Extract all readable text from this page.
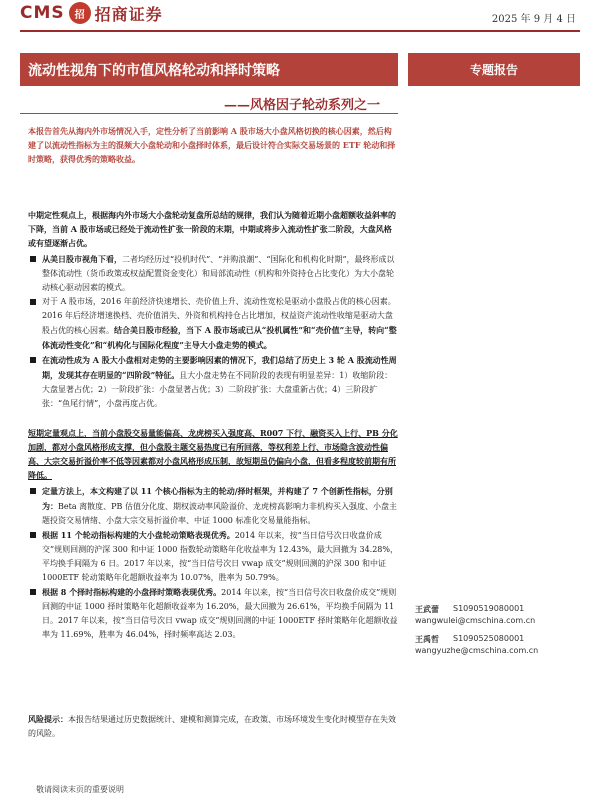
CMS	招 招商证券	2025 年 9 月 4 日
流动性视角下的市值风格轮动和择时策略	专题报告
——风格因子轮动系列之一
本报告首先从海内外市场情况入手，定性分析了当前影响 A 股市场大小盘风格切换的核心因素，然后构建了以流动性指标为主的混频大小盘轮动和小盘择时体系，最后设计符合实际交易场景的 ETF 轮动和择时策略，获得优秀的策略收益。
中期定性观点上，根据海内外市场大小盘轮动复盘所总结的规律，我们认为随着近期小盘超额收益斜率的下降，当前 A 股市场或已经处于流动性扩张一阶段的末期，中期或将步入流动性扩张二阶段，大盘风格或有望逐渐占优。
从美日股市视角下看，二者均经历过“投机时代”、“并购浪潮”、“国际化和机构化时期”，最终形成以整体流动性（货币政策或权益配置资金变化）和局部流动性（机构和外资持仓占比变化）为大小盘轮动核心驱动因素的模式。
对于 A 股市场，2016 年前经济快速增长、壳价值上升、流动性宽松是驱动小盘股占优的核心因素。2016 年后经济增速换档、壳价值消失、外资和机构持仓占比增加，权益资产流动性收缩是驱动大盘股占优的核心因素。结合美日股市经验，当下 A 股市场或已从“投机属性”和“壳价值”主导，转向“整体流动性变化”和“机构化与国际化程度”主导大小盘走势的模式。
在流动性成为 A 股大小盘相对走势的主要影响因素的情况下，我们总结了历史上 3 轮 A 股流动性周期，发现其存在明显的“四阶段”特征。且大小盘走势在不同阶段的表现有明显差异：1）收缩阶段：大盘显著占优；2）一阶段扩张：小盘显著占优；3）二阶段扩张：大盘重新占优；4）三阶段扩张：“鱼尾行情”，小盘再度占优。
短期定量观点上，当前小盘股交易量能偏高、龙虎榜买入强度高、R007 下行、融资买入上行、PB 分化加剧，都对小盘风格形成支撑，但小盘股主题交易热度已有所回落，等权利差上行、市场隐含波动性偏高、大宗交易折溢价率不低等因素都对小盘风格形成压制，故短期虽仍偏向小盘，但看多程度较前期有所降低。
定量方法上，本文构建了以 11 个核心指标为主的轮动/择时框架，并构建了 7 个创新性指标，分别为：Beta 离散度、PB 估值分化度、期权波动率风险溢价、龙虎榜高影响力非机构买入强度、小盘主题投资交易情绪、小盘大宗交易折溢价率、中证 1000 标准化交易量能指标。
根据 11 个轮动指标构建的大小盘轮动策略表现优秀。2014 年以来，按“当日信号次日收盘价成交”规则回测的沪深 300 和中证 1000 指数轮动策略年化收益率为 12.43%，最大回撤为 34.28%，平均换手间隔为 6 日。2017 年以来，按“当日信号次日 vwap 成交”规则回测的沪深 300 和中证 1000ETF 轮动策略年化超额收益率为 10.07%，胜率为 50.79%。
根据 8 个择时指标构建的小盘择时策略表现优秀。2014 年以来，按“当日信号次日收盘价成交”规则回测的中证 1000 择时策略年化超额收益率为 16.20%，最大回撤为 26.61%，平均换手间隔为 11 日。2017 年以来，按“当日信号次日 vwap 成交”规则回测的中证 1000ETF 择时策略年化超额收益率为 11.69%，胜率为 46.04%，择时频率高达 2.03。
风险提示：本报告结果通过历史数据统计、建模和测算完成，在政策、市场环境发生变化时模型存在失效的风险。
王武蕾 S1090519080001
wangwulei@cmschina.com.cn
王禹哲 S1090525080001
wangyuzhe@cmschina.com.cn
敬请阅读末页的重要说明
